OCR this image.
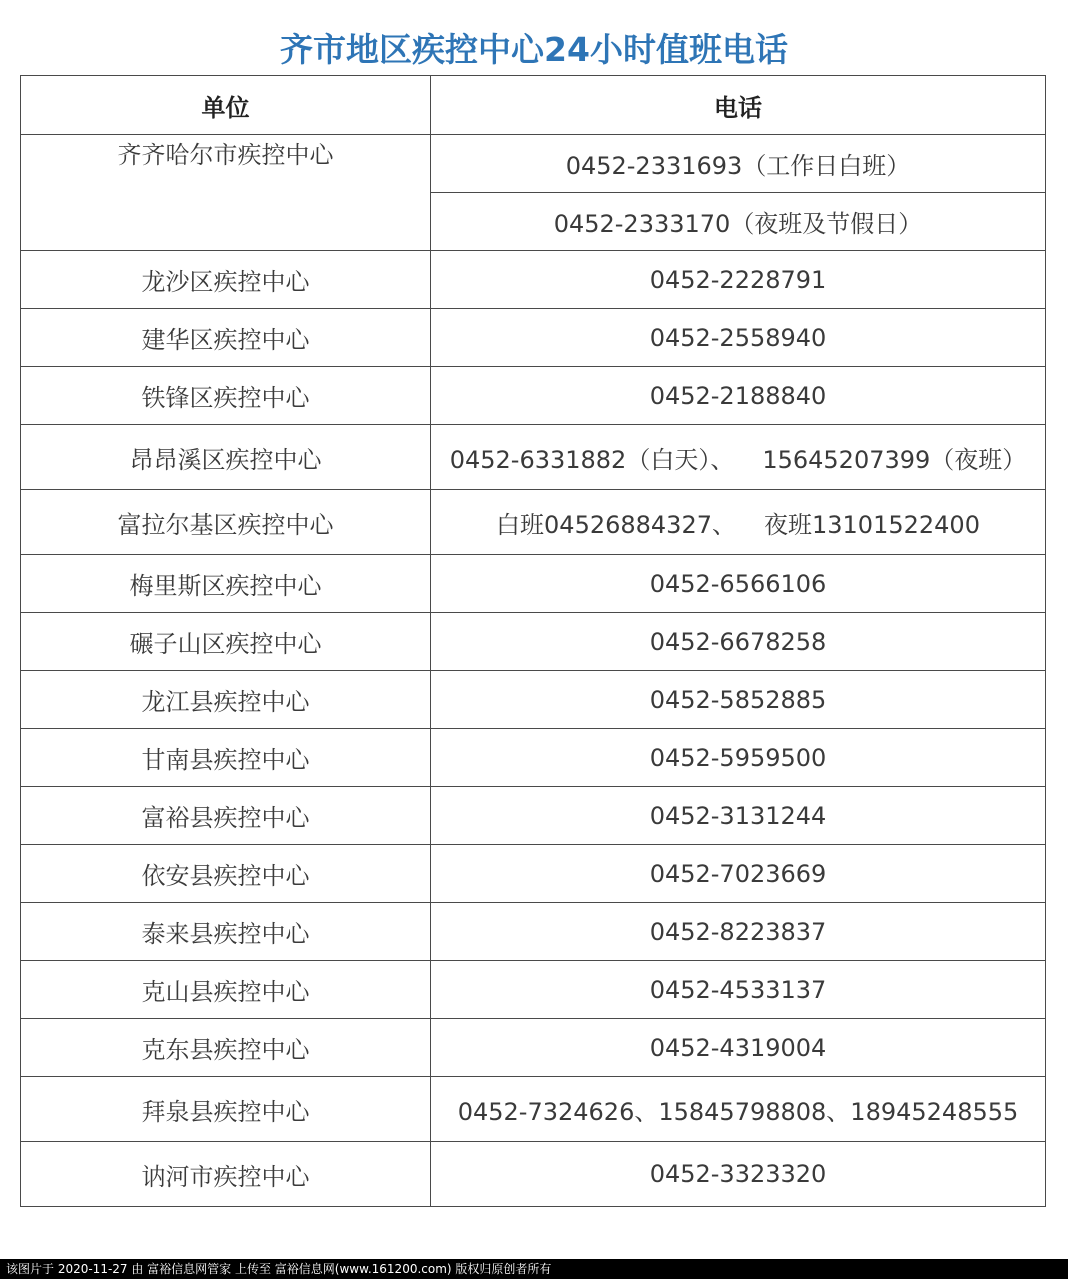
齐市地区疾控中心24小时值班电话
单位	电话
齐齐哈尔市疾控中心	0452-2331693（工作日白班）
	0452-2333170（夜班及节假日）
龙沙区疾控中心	0452-2228791
建华区疾控中心	0452-2558940
铁锋区疾控中心	0452-2188840
昂昂溪区疾控中心	0452-6331882（白天）、 15645207399（夜班）
富拉尔基区疾控中心	白班04526884327、 夜班13101522400
梅里斯区疾控中心	0452-6566106
碾子山区疾控中心	0452-6678258
龙江县疾控中心	0452-5852885
甘南县疾控中心	0452-5959500
富裕县疾控中心	0452-3131244
依安县疾控中心	0452-7023669
泰来县疾控中心	0452-8223837
克山县疾控中心	0452-4533137
克东县疾控中心	0452-4319004
拜泉县疾控中心	0452-7324626、15845798808、18945248555
讷河市疾控中心	0452-3323320
该图片于 2020-11-27 由 富裕信息网管家 上传至 富裕信息网(www.161200.com) 版权归原创者所有
